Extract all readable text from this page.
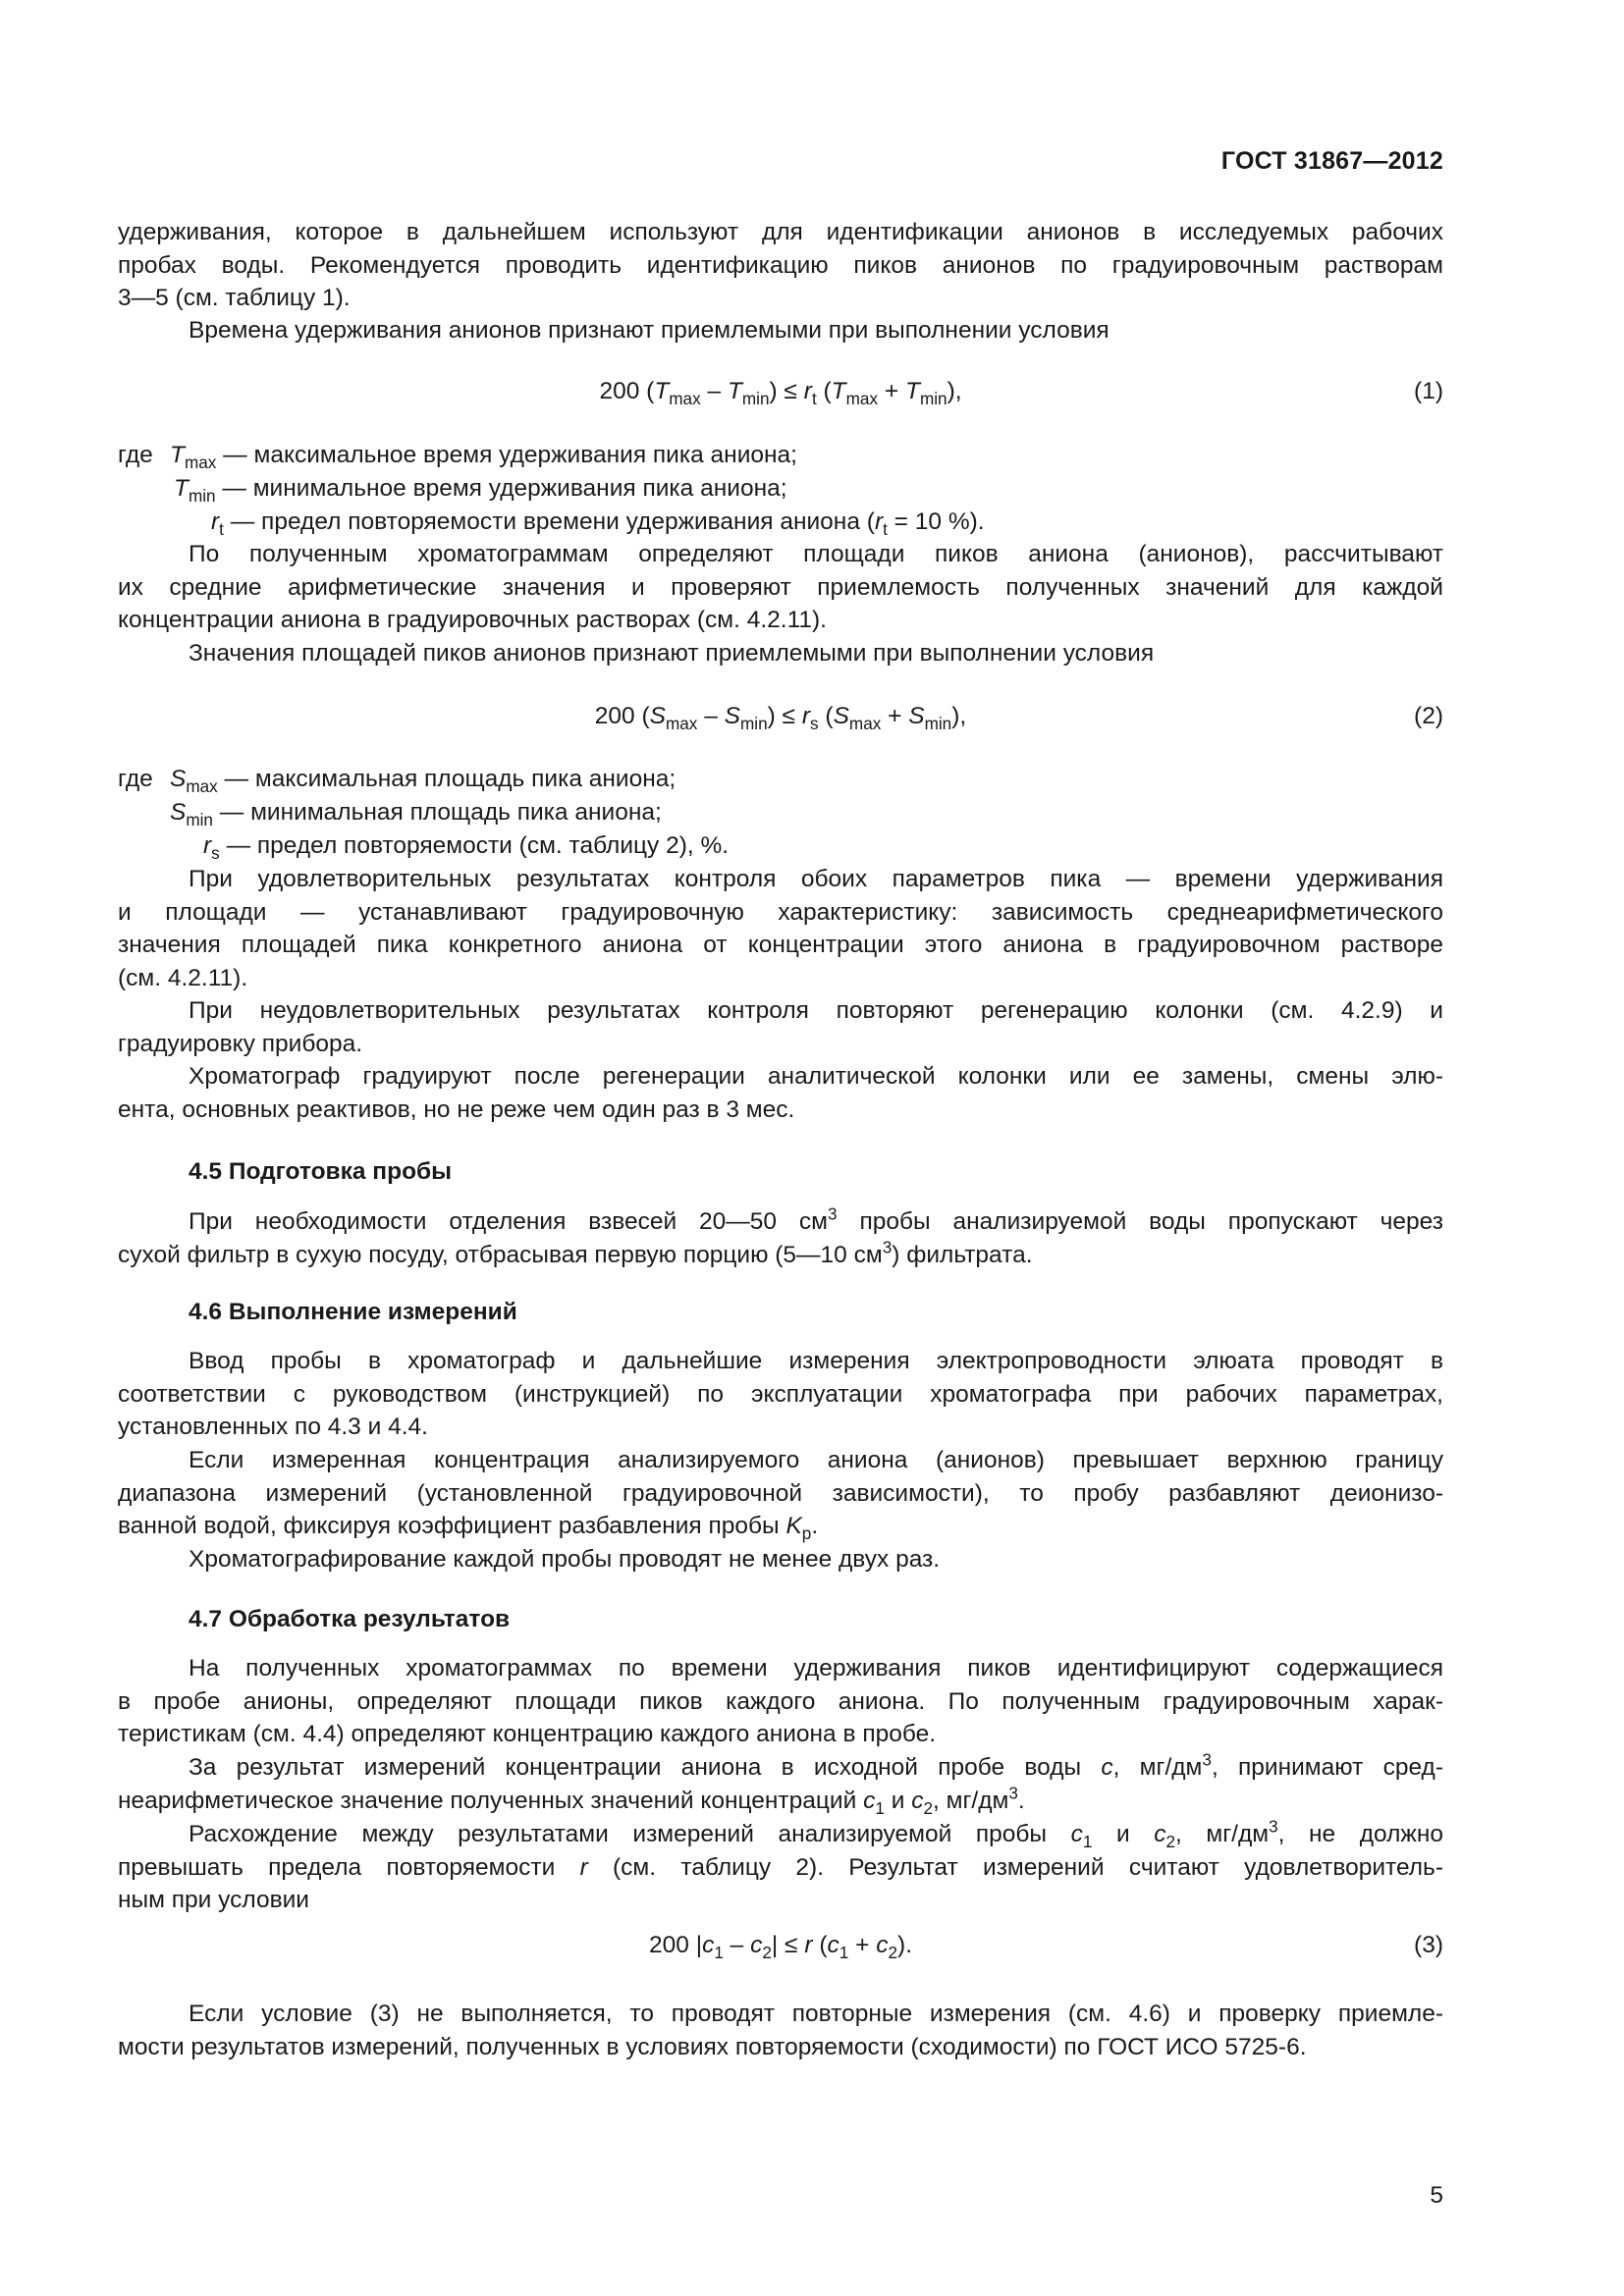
ГОСТ 31867—2012
удерживания, которое в дальнейшем используют для идентификации анионов в исследуемых рабочих
пробах воды. Рекомендуется проводить идентификацию пиков анионов по градуировочным растворам
3—5 (см. таблицу 1).
Времена удерживания анионов признают приемлемыми при выполнении условия
200 $(T_{max} - T_{min}) \le r_t$ $(T_{max} + T_{min})$,	(1)
где $T_{max}$ — максимальное время удерживания пика аниона;
$T_{min}$ — минимальное время удерживания пика аниона;
$r_t$ — предел повторяемости времени удерживания аниона ($r_t = 10$ %).
По полученным хроматограммам определяют площади пиков аниона (анионов), рассчитывают
их средние арифметические значения и проверяют приемлемость полученных значений для каждой
концентрации аниона в градуировочных растворах (см. 4.2.11).
Значения площадей пиков анионов признают приемлемыми при выполнении условия
200 $(S_{max} - S_{min}) \le r_s$ $(S_{max} + S_{min})$,	(2)
где $S_{max}$ — максимальная площадь пика аниона;
$S_{min}$ — минимальная площадь пика аниона;
$r_s$ — предел повторяемости (см. таблицу 2), %.
При удовлетворительных результатах контроля обоих параметров пика — времени удерживания
и площади — устанавливают градуировочную характеристику: зависимость среднеарифметического
значения площадей пика конкретного аниона от концентрации этого аниона в градуировочном растворе
(см. 4.2.11).
При неудовлетворительных результатах контроля повторяют регенерацию колонки (см. 4.2.9) и
градуировку прибора.
Хроматограф градуируют после регенерации аналитической колонки или ее замены, смены элю-
ента, основных реактивов, но не реже чем один раз в 3 мес.
4.5 Подготовка пробы
При необходимости отделения взвесей 20—50 $см^3$ пробы анализируемой воды пропускают через
сухой фильтр в сухую посуду, отбрасывая первую порцию (5—10 $см^3$) фильтрата.
4.6 Выполнение измерений
Ввод пробы в хроматограф и дальнейшие измерения электропроводности элюата проводят в
соответствии с руководством (инструкцией) по эксплуатации хроматографа при рабочих параметрах,
установленных по 4.3 и 4.4.
Если измеренная концентрация анализируемого аниона (анионов) превышает верхнюю границу
диапазона измерений (установленной градуировочной зависимости), то пробу разбавляют деионизо-
ванной водой, фиксируя коэффициент разбавления пробы $K_p$.
Хроматографирование каждой пробы проводят не менее двух раз.
4.7 Обработка результатов
На полученных хроматограммах по времени удерживания пиков идентифицируют содержащиеся
в пробе анионы, определяют площади пиков каждого аниона. По полученным градуировочным харак-
теристикам (см. 4.4) определяют концентрацию каждого аниона в пробе.
За результат измерений концентрации аниона в исходной пробе воды c, $мг/дм^3$, принимают сред-
неарифметическое значение полученных значений концентраций $c_1$ и $c_2$, $мг/дм^3$.
Расхождение между результатами измерений анализируемой пробы $c_1$ и $c_2$, $мг/дм^3$, не должно
превышать предела повторяемости r (см. таблицу 2). Результат измерений считают удовлетворитель-
ным при условии
200 $|c_1 - c_2| \le r$ $(c_1 + c_2)$.	(3)
Если условие (3) не выполняется, то проводят повторные измерения (см. 4.6) и проверку приемле-
мости результатов измерений, полученных в условиях повторяемости (сходимости) по ГОСТ ИСО 5725-6.
5
